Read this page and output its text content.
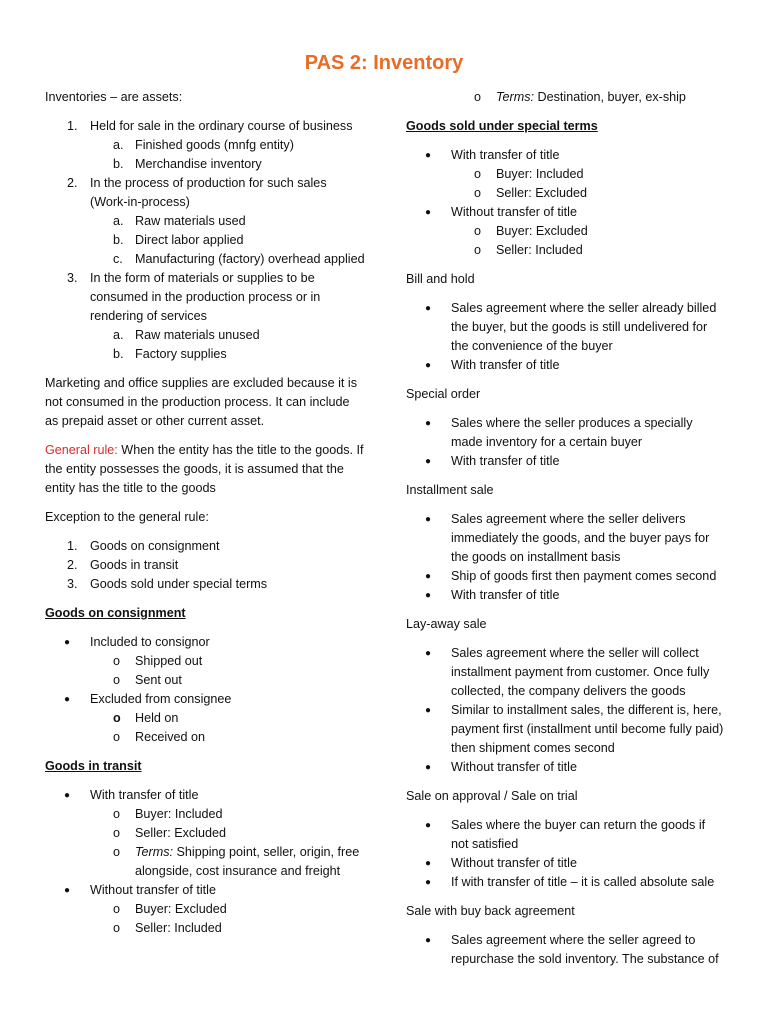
PAS 2: Inventory
Inventories – are assets:
1. Held for sale in the ordinary course of business
a. Finished goods (mnfg entity)
b. Merchandise inventory
2. In the process of production for such sales (Work-in-process)
a. Raw materials used
b. Direct labor applied
c. Manufacturing (factory) overhead applied
3. In the form of materials or supplies to be consumed in the production process or in rendering of services
a. Raw materials unused
b. Factory supplies
Marketing and office supplies are excluded because it is not consumed in the production process. It can include as prepaid asset or other current asset.
General rule: When the entity has the title to the goods. If the entity possesses the goods, it is assumed that the entity has the title to the goods
Exception to the general rule:
1. Goods on consignment
2. Goods in transit
3. Goods sold under special terms
Goods on consignment
● Included to consignor
o Shipped out
o Sent out
● Excluded from consignee
o Held on
o Received on
Goods in transit
● With transfer of title
o Buyer: Included
o Seller: Excluded
o Terms: Shipping point, seller, origin, free alongside, cost insurance and freight
● Without transfer of title
o Buyer: Excluded
o Seller: Included
o Terms: Destination, buyer, ex-ship
Goods sold under special terms
● With transfer of title
o Buyer: Included
o Seller: Excluded
● Without transfer of title
o Buyer: Excluded
o Seller: Included
Bill and hold
● Sales agreement where the seller already billed the buyer, but the goods is still undelivered for the convenience of the buyer
● With transfer of title
Special order
● Sales where the seller produces a specially made inventory for a certain buyer
● With transfer of title
Installment sale
● Sales agreement where the seller delivers immediately the goods, and the buyer pays for the goods on installment basis
● Ship of goods first then payment comes second
● With transfer of title
Lay-away sale
● Sales agreement where the seller will collect installment payment from customer. Once fully collected, the company delivers the goods
● Similar to installment sales, the different is, here, payment first (installment until become fully paid) then shipment comes second
● Without transfer of title
Sale on approval / Sale on trial
● Sales where the buyer can return the goods if not satisfied
● Without transfer of title
● If with transfer of title – it is called absolute sale
Sale with buy back agreement
● Sales agreement where the seller agreed to repurchase the sold inventory. The substance of
